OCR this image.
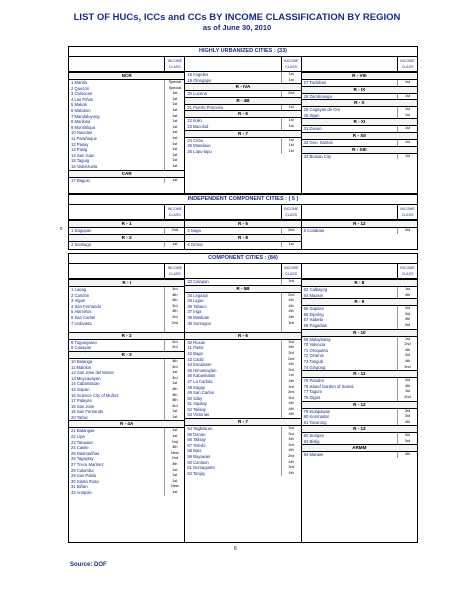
LIST OF HUCs, ICCs and CCs BY INCOME CLASSIFICATION BY REGION
as of June 30, 2010
HIGHLY URBANIZED CITIES : (33)
INCOME CLASS
NCR
1 Manila	Special
2 Quezon	Special
3 Caloocan	1st
4 Las Piñas	1st
5 Makati	1st
6 Malabon	1st
7 Mandaluyong	1st
8 Marikina	1st
9 Muntinlupa	1st
10 Navotas	1st
11 Parañaque	1st
12 Pasay	1st
13 Pasig	1st
14 San Juan	1st
15 Taguig	1st
16 Valenzuela	1st
CAR
17 Baguio	1st
INCOME CLASS
18 Angeles	1st
19 Olongapo	1st
R - IVA
20 Lucena	2nd
R - 4B
21 Puerto Princesa	1st
R - 6
22 Iloilo	1st
23 Bacolod	1st
R - 7
24 Cebu	1st
25 Mandaue	1st
26 Lapu-lapu	1st
INCOME CLASS
R - VIII
27 Tacloban	1st
R - IX
28 Zamboanga	1st
R - X
29 Cagayan de Oro	1st
30 Iligan	1st
R - XI
31 Davao	1st
R - XII
32 Gen. Santos	1st
R - XIII
33 Butuan City	1st
0
INDEPENDENT COMPONENT CITIES : ( 5 )
INCOME CLASS
R - 1
1 Dagupan	2nd
R - 2
2 Santiago	1st
INCOME CLASS
R - 5
3 Naga	2nd
R - 8
4 Ormoc	1st
INCOME CLASS
R - 12
5 Cotabato	3rd
COMPONENT CITIES : (84)
INCOME CLASS
R - I
1 Laoag	3rd
2 Candon	4th
3 Vigan	4th
4 San Fernando	3rd
5 Alaminos	4th
6 San Carlos	3rd
7 Urdaneta	2nd
R - 2
8 Tuguegarao	3rd
9 Cauayan	3rd
R - 3
10 Balanga	4th
11 Malolos	3rd
12 San Jose del Monte	1st
13 Meycauayan	3rd
14 Cabanatuan	1st
15 Gapan	4th
16 Science City of Muñoz	4th
17 Palayan	5th
18 San Jose	3rd
19 San Fernando	1st
20 Tarlac	1st
R - 4A
21 Batangas	1st
22 Lipa	1st
23 Tanauan	2nd
24 Cavite	4th
25 Dasmariñas	New
26 Tagaytay	2nd
27 Trece Martirez	4th
28 Calamba	1st
29 San Pablo	1st
30 Santa Rosa	1st
31 Biñan	New
32 Antipolo	1st
INCOME CLASS
33 Calapan	3rd
R - 5B
34 Legazpi	2nd
35 Ligao	4th
36 Tabaco	4th
37 Iriga	4th
38 Masbate	4th
39 Sorsogon	3rd
R - 6
40 Roxas	3rd
41 Passi	4th
42 Bago	3rd
43 Cadiz	2nd
44 Escalante	4th
45 Himamaylan	3rd
46 Kabankalan	1st
47 La Carlota	4th
48 Sagay	3rd
49 San Carlos	2nd
50 Silay	3rd
51 Sipalay	4th
52 Talisay	4th
53 Victorias	4th
R - 7
54 Tagbilaran	3rd
55 Danao	3rd
56 Talisay	4th
57 Toledo	3rd
58 Bais	4th
59 Bayawan	2nd
60 Canlaon	4th
61 Dumaguete	3rd
62 Tanjay	4th
INCOME CLASS
R - 8
63 Calbayog	1st
64 Maasin	4th
R - 9
65 Dapitan	3rd
66 Dipolog	3rd
67 Isabela	4th
68 Pagadian	3rd
R - 10
69 Malaybalay	1st
70 Valencia	2nd
71 Oroquieta	4th
72 Ozamis	3rd
73 Tangub	4th
74 Gingoog	2nd
R - 11
75 Panabo	3rd
76 Island Garden of Samal	4th
77 Tagum	1st
78 Digos	2nd
R - 12
79 Kidapawan	3rd
80 Koronadal	3rd
81 Tacurong	4th
R - 13
82 Surigao	3rd
83 Bislig	3rd
ARMM
84 Marawi	4th
6
Source: DOF
